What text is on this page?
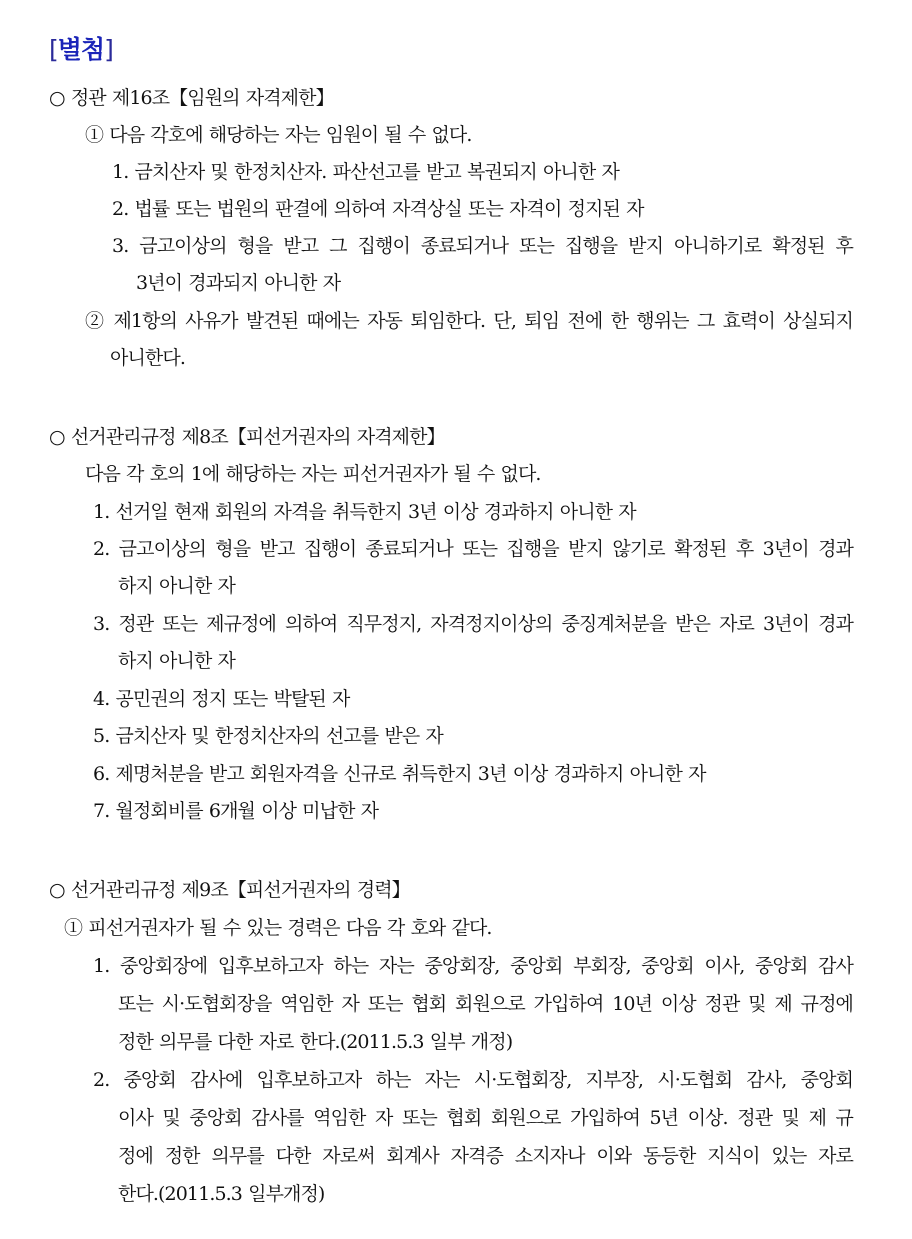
[별첨]
○ 정관 제16조【임원의 자격제한】
① 다음 각호에 해당하는 자는 임원이 될 수 없다.
1. 금치산자 및 한정치산자. 파산선고를 받고 복권되지 아니한 자
2. 법률 또는 법원의 판결에 의하여 자격상실 또는 자격이 정지된 자
3. 금고이상의 형을 받고 그 집행이 종료되거나 또는 집행을 받지 아니하기로 확정된 후
3년이 경과되지 아니한 자
② 제1항의 사유가 발견된 때에는 자동 퇴임한다. 단, 퇴임 전에 한 행위는 그 효력이 상실되지
아니한다.
○ 선거관리규정 제8조【피선거권자의 자격제한】
다음 각 호의 1에 해당하는 자는 피선거권자가 될 수 없다.
1. 선거일 현재 회원의 자격을 취득한지 3년 이상 경과하지 아니한 자
2. 금고이상의 형을 받고 집행이 종료되거나 또는 집행을 받지 않기로 확정된 후 3년이 경과
하지 아니한 자
3. 정관 또는 제규정에 의하여 직무정지, 자격정지이상의 중징계처분을 받은 자로 3년이 경과
하지 아니한 자
4. 공민권의 정지 또는 박탈된 자
5. 금치산자 및 한정치산자의 선고를 받은 자
6. 제명처분을 받고 회원자격을 신규로 취득한지 3년 이상 경과하지 아니한 자
7. 월정회비를 6개월 이상 미납한 자
○ 선거관리규정 제9조【피선거권자의 경력】
① 피선거권자가 될 수 있는 경력은 다음 각 호와 같다.
1. 중앙회장에 입후보하고자 하는 자는 중앙회장, 중앙회 부회장, 중앙회 이사, 중앙회 감사
또는 시·도협회장을 역임한 자 또는 협회 회원으로 가입하여 10년 이상 정관 및 제 규정에
정한 의무를 다한 자로 한다.(2011.5.3 일부 개정)
2. 중앙회 감사에 입후보하고자 하는 자는 시·도협회장, 지부장, 시·도협회 감사, 중앙회
이사 및 중앙회 감사를 역임한 자 또는 협회 회원으로 가입하여 5년 이상. 정관 및 제 규
정에 정한 의무를 다한 자로써 회계사 자격증 소지자나 이와 동등한 지식이 있는 자로
한다.(2011.5.3 일부개정)
